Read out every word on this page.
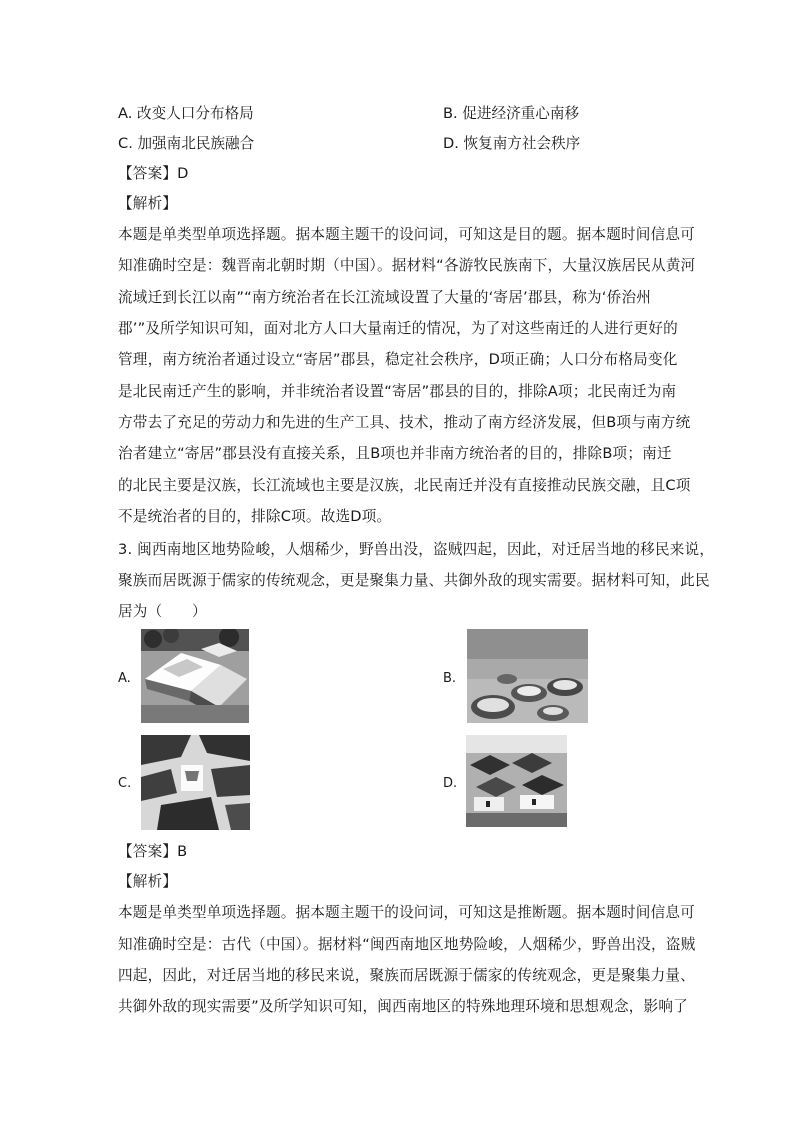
A. 改变人口分布格局	B. 促进经济重心南移
C. 加强南北民族融合	D. 恢复南方社会秩序
【答案】D
【解析】
本题是单类型单项选择题。据本题主题干的设问词，可知这是目的题。据本题时间信息可
知准确时空是：魏晋南北朝时期（中国）。据材料“各游牧民族南下，大量汉族居民从黄河
流域迁到长江以南”“南方统治者在长江流域设置了大量的‘寄居’郡县，称为‘侨治州
郡’”及所学知识可知，面对北方人口大量南迁的情况，为了对这些南迁的人进行更好的
管理，南方统治者通过设立“寄居”郡县，稳定社会秩序，D项正确；人口分布格局变化
是北民南迁产生的影响，并非统治者设置“寄居”郡县的目的，排除A项；北民南迁为南
方带去了充足的劳动力和先进的生产工具、技术，推动了南方经济发展，但B项与南方统
治者建立“寄居”郡县没有直接关系，且B项也并非南方统治者的目的，排除B项；南迁
的北民主要是汉族，长江流域也主要是汉族，北民南迁并没有直接推动民族交融，且C项
不是统治者的目的，排除C项。故选D项。
3. 闽西南地区地势险峻，人烟稀少，野兽出没，盗贼四起，因此，对迁居当地的移民来说，
聚族而居既源于儒家的传统观念，更是聚集力量、共御外敌的现实需要。据材料可知，此民
居为（　　）
A.	B.
C.	D.
【答案】B
【解析】
本题是单类型单项选择题。据本题主题干的设问词，可知这是推断题。据本题时间信息可
知准确时空是：古代（中国）。据材料“闽西南地区地势险峻，人烟稀少，野兽出没，盗贼
四起，因此，对迁居当地的移民来说，聚族而居既源于儒家的传统观念，更是聚集力量、
共御外敌的现实需要”及所学知识可知，闽西南地区的特殊地理环境和思想观念，影响了
